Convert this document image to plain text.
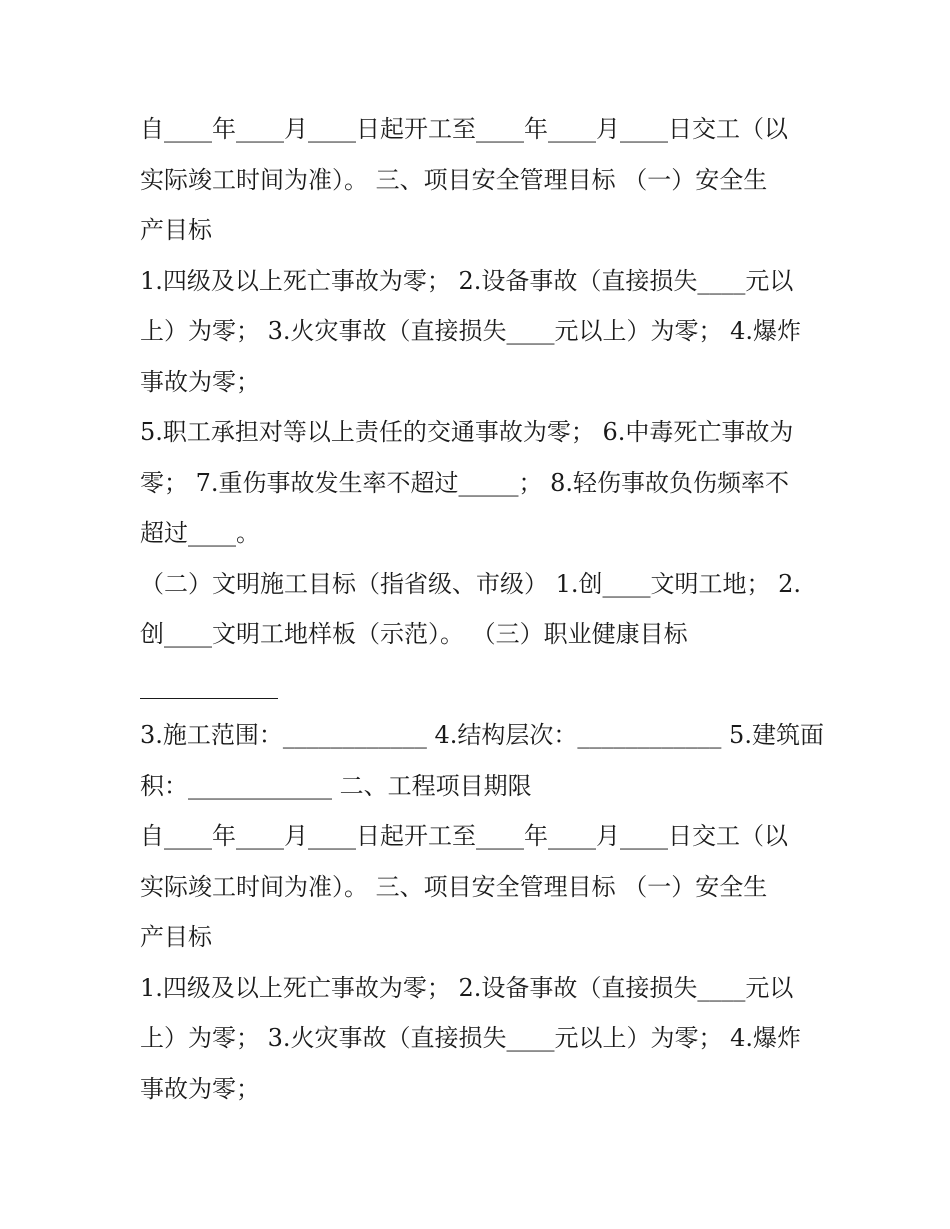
自____年____月____日起开工至____年____月____日交工（以
实际竣工时间为准）。 三、项目安全管理目标 （一）安全生
产目标
1.四级及以上死亡事故为零； 2.设备事故（直接损失____元以
上）为零； 3.火灾事故（直接损失____元以上）为零； 4.爆炸
事故为零；
5.职工承担对等以上责任的交通事故为零； 6.中毒死亡事故为
零； 7.重伤事故发生率不超过_____； 8.轻伤事故负伤频率不
超过____。
（二）文明施工目标（指省级、市级） 1.创____文明工地； 2.
创____文明工地样板（示范）。 （三）职业健康目标
3.施工范围：____________ 4.结构层次：____________ 5.建筑面
积：____________ 二、工程项目期限
自____年____月____日起开工至____年____月____日交工（以
实际竣工时间为准）。 三、项目安全管理目标 （一）安全生
产目标
1.四级及以上死亡事故为零； 2.设备事故（直接损失____元以
上）为零； 3.火灾事故（直接损失____元以上）为零； 4.爆炸
事故为零；
